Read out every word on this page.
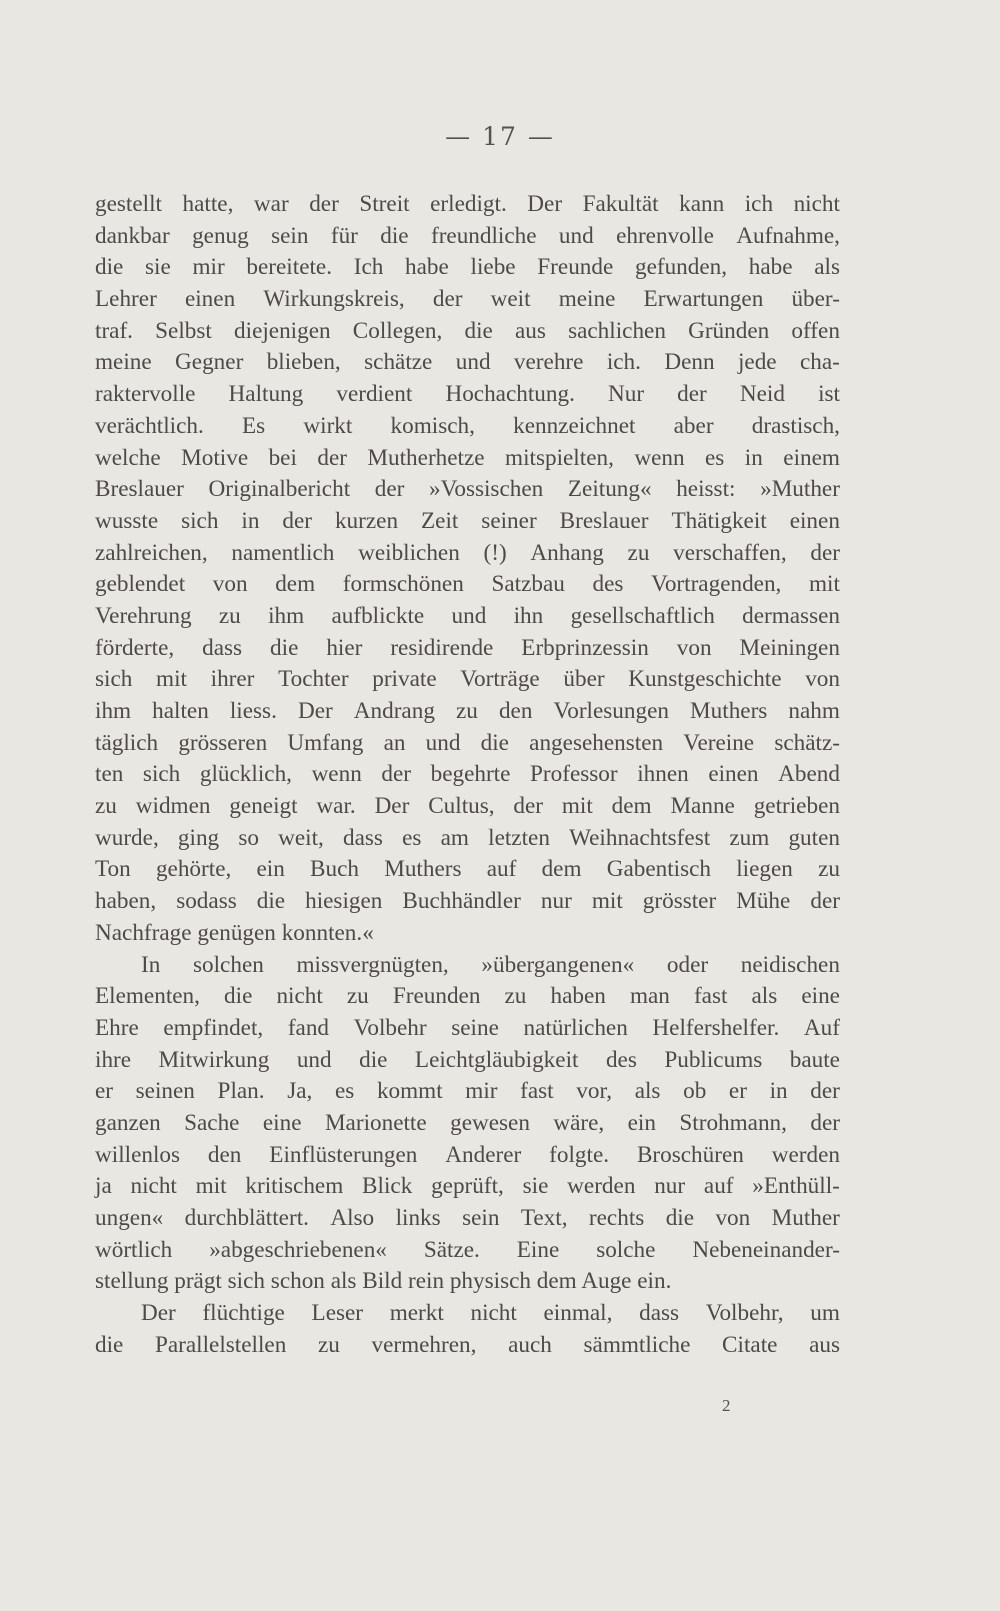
— 17 —
gestellt hatte, war der Streit erledigt. Der Fakultät kann ich nicht
dankbar genug sein für die freundliche und ehrenvolle Aufnahme,
die sie mir bereitete. Ich habe liebe Freunde gefunden, habe als
Lehrer einen Wirkungskreis, der weit meine Erwartungen über-
traf. Selbst diejenigen Collegen, die aus sachlichen Gründen offen
meine Gegner blieben, schätze und verehre ich. Denn jede cha-
raktervolle Haltung verdient Hochachtung. Nur der Neid ist
verächtlich. Es wirkt komisch, kennzeichnet aber drastisch,
welche Motive bei der Mutherhetze mitspielten, wenn es in einem
Breslauer Originalbericht der »Vossischen Zeitung« heisst: »Muther
wusste sich in der kurzen Zeit seiner Breslauer Thätigkeit einen
zahlreichen, namentlich weiblichen (!) Anhang zu verschaffen, der
geblendet von dem formschönen Satzbau des Vortragenden, mit
Verehrung zu ihm aufblickte und ihn gesellschaftlich dermassen
förderte, dass die hier residirende Erbprinzessin von Meiningen
sich mit ihrer Tochter private Vorträge über Kunstgeschichte von
ihm halten liess. Der Andrang zu den Vorlesungen Muthers nahm
täglich grösseren Umfang an und die angesehensten Vereine schätz-
ten sich glücklich, wenn der begehrte Professor ihnen einen Abend
zu widmen geneigt war. Der Cultus, der mit dem Manne getrieben
wurde, ging so weit, dass es am letzten Weihnachtsfest zum guten
Ton gehörte, ein Buch Muthers auf dem Gabentisch liegen zu
haben, sodass die hiesigen Buchhändler nur mit grösster Mühe der
Nachfrage genügen konnten.«
In solchen missvergnügten, »übergangenen« oder neidischen
Elementen, die nicht zu Freunden zu haben man fast als eine
Ehre empfindet, fand Volbehr seine natürlichen Helfershelfer. Auf
ihre Mitwirkung und die Leichtgläubigkeit des Publicums baute
er seinen Plan. Ja, es kommt mir fast vor, als ob er in der
ganzen Sache eine Marionette gewesen wäre, ein Strohmann, der
willenlos den Einflüsterungen Anderer folgte. Broschüren werden
ja nicht mit kritischem Blick geprüft, sie werden nur auf »Enthüll-
ungen« durchblättert. Also links sein Text, rechts die von Muther
wörtlich »abgeschriebenen« Sätze. Eine solche Nebeneinander-
stellung prägt sich schon als Bild rein physisch dem Auge ein.
Der flüchtige Leser merkt nicht einmal, dass Volbehr, um
die Parallelstellen zu vermehren, auch sämmtliche Citate aus
2
